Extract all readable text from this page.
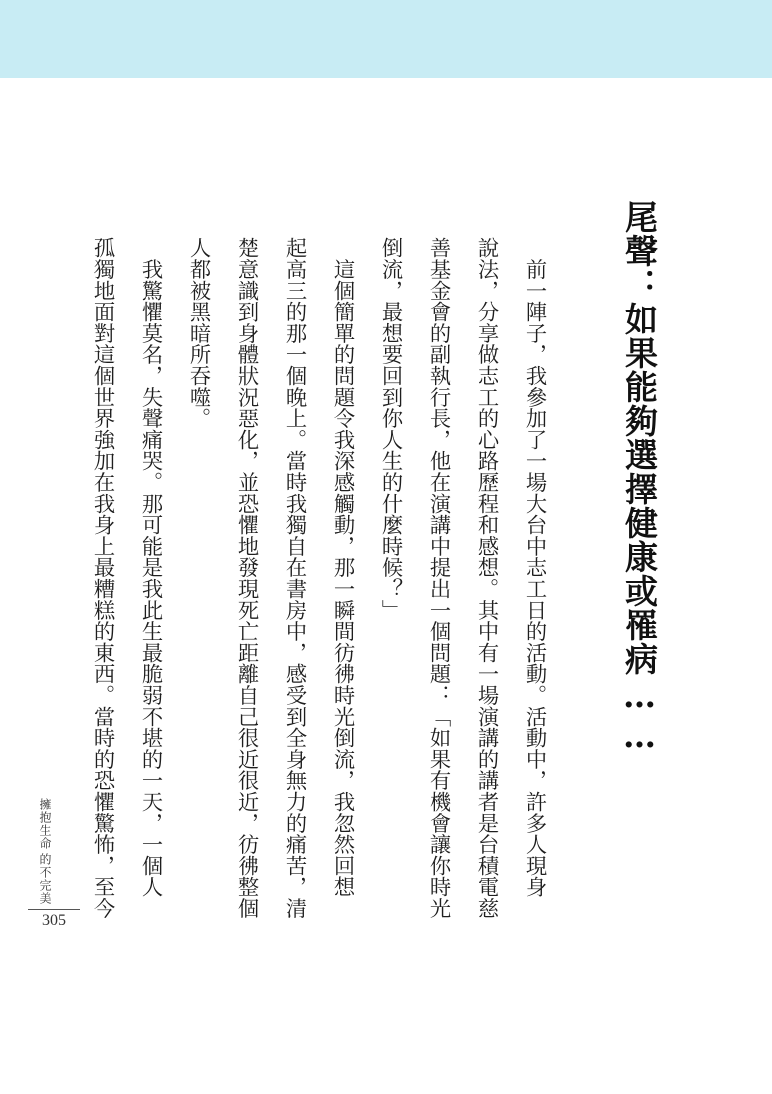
尾聲：如果能夠選擇健康或罹病……
　前一陣子，我參加了一場大台中志工日的活動。活動中，許多人現身
說法，分享做志工的心路歷程和感想。其中有一場演講的講者是台積電慈
善基金會的副執行長，他在演講中提出一個問題：「如果有機會讓你時光
倒流，最想要回到你人生的什麼時候？」
　這個簡單的問題令我深感觸動，那一瞬間彷彿時光倒流，我忽然回想
起高三的那一個晚上。當時我獨自在書房中，感受到全身無力的痛苦，清
楚意識到身體狀況惡化，並恐懼地發現死亡距離自己很近很近，彷彿整個
人都被黑暗所吞噬。
　我驚懼莫名，失聲痛哭。那可能是我此生最脆弱不堪的一天，一個人
孤獨地面對這個世界強加在我身上最糟糕的東西。當時的恐懼驚怖，至今
擁抱生命的不完美
305
